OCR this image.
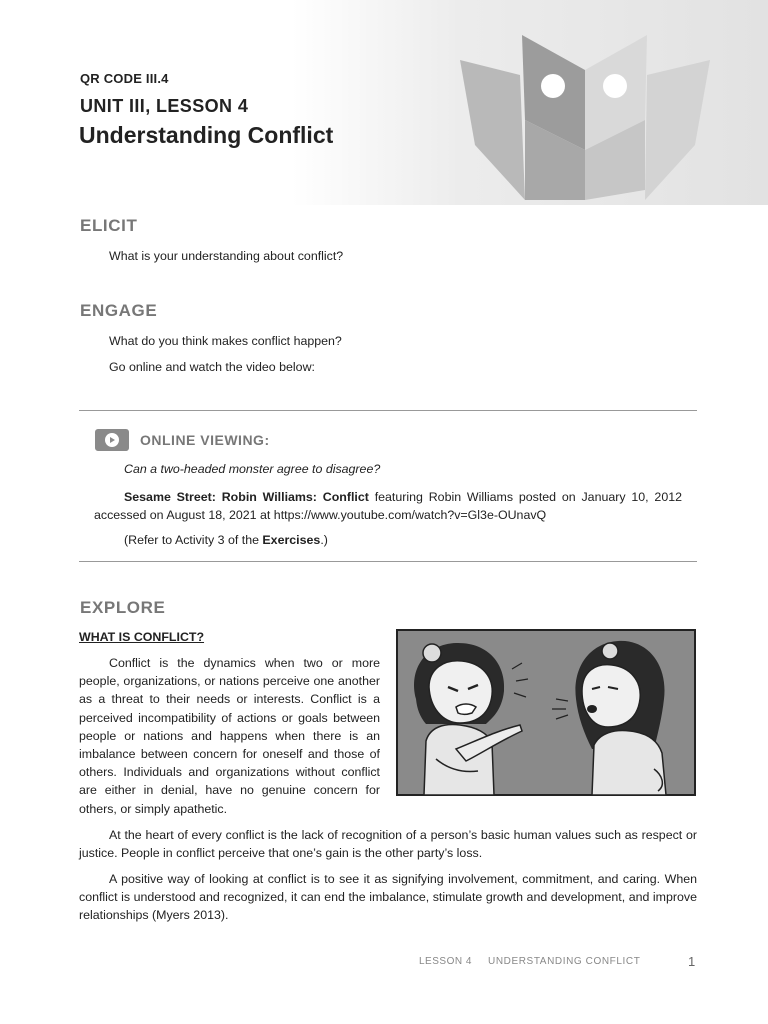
QR CODE III.4
UNIT III, LESSON 4
Understanding Conflict
ELICIT
What is your understanding about conflict?
ENGAGE
What do you think makes conflict happen?
Go online and watch the video below:
ONLINE VIEWING:
Can a two-headed monster agree to disagree?
Sesame Street: Robin Williams: Conflict featuring Robin Williams posted on January 10, 2012 accessed on August 18, 2021 at https://www.youtube.com/watch?v=Gl3e-OUnavQ
(Refer to Activity 3 of the Exercises.)
EXPLORE
WHAT IS CONFLICT?
Conflict is the dynamics when two or more people, organizations, or nations perceive one another as a threat to their needs or interests. Conflict is a perceived incompatibility of actions or goals between people or nations and happens when there is an imbalance between concern for oneself and those of others. Individuals and organizations without conflict are either in denial, have no genuine concern for others, or simply apathetic.
At the heart of every conflict is the lack of recognition of a person’s basic human values such as respect or justice. People in conflict perceive that one’s gain is the other party’s loss.
A positive way of looking at conflict is to see it as signifying involvement, commitment, and caring. When conflict is understood and recognized, it can end the imbalance, stimulate growth and development, and improve relationships (Myers 2013).
LESSON 4 UNDERSTANDING CONFLICT	1
